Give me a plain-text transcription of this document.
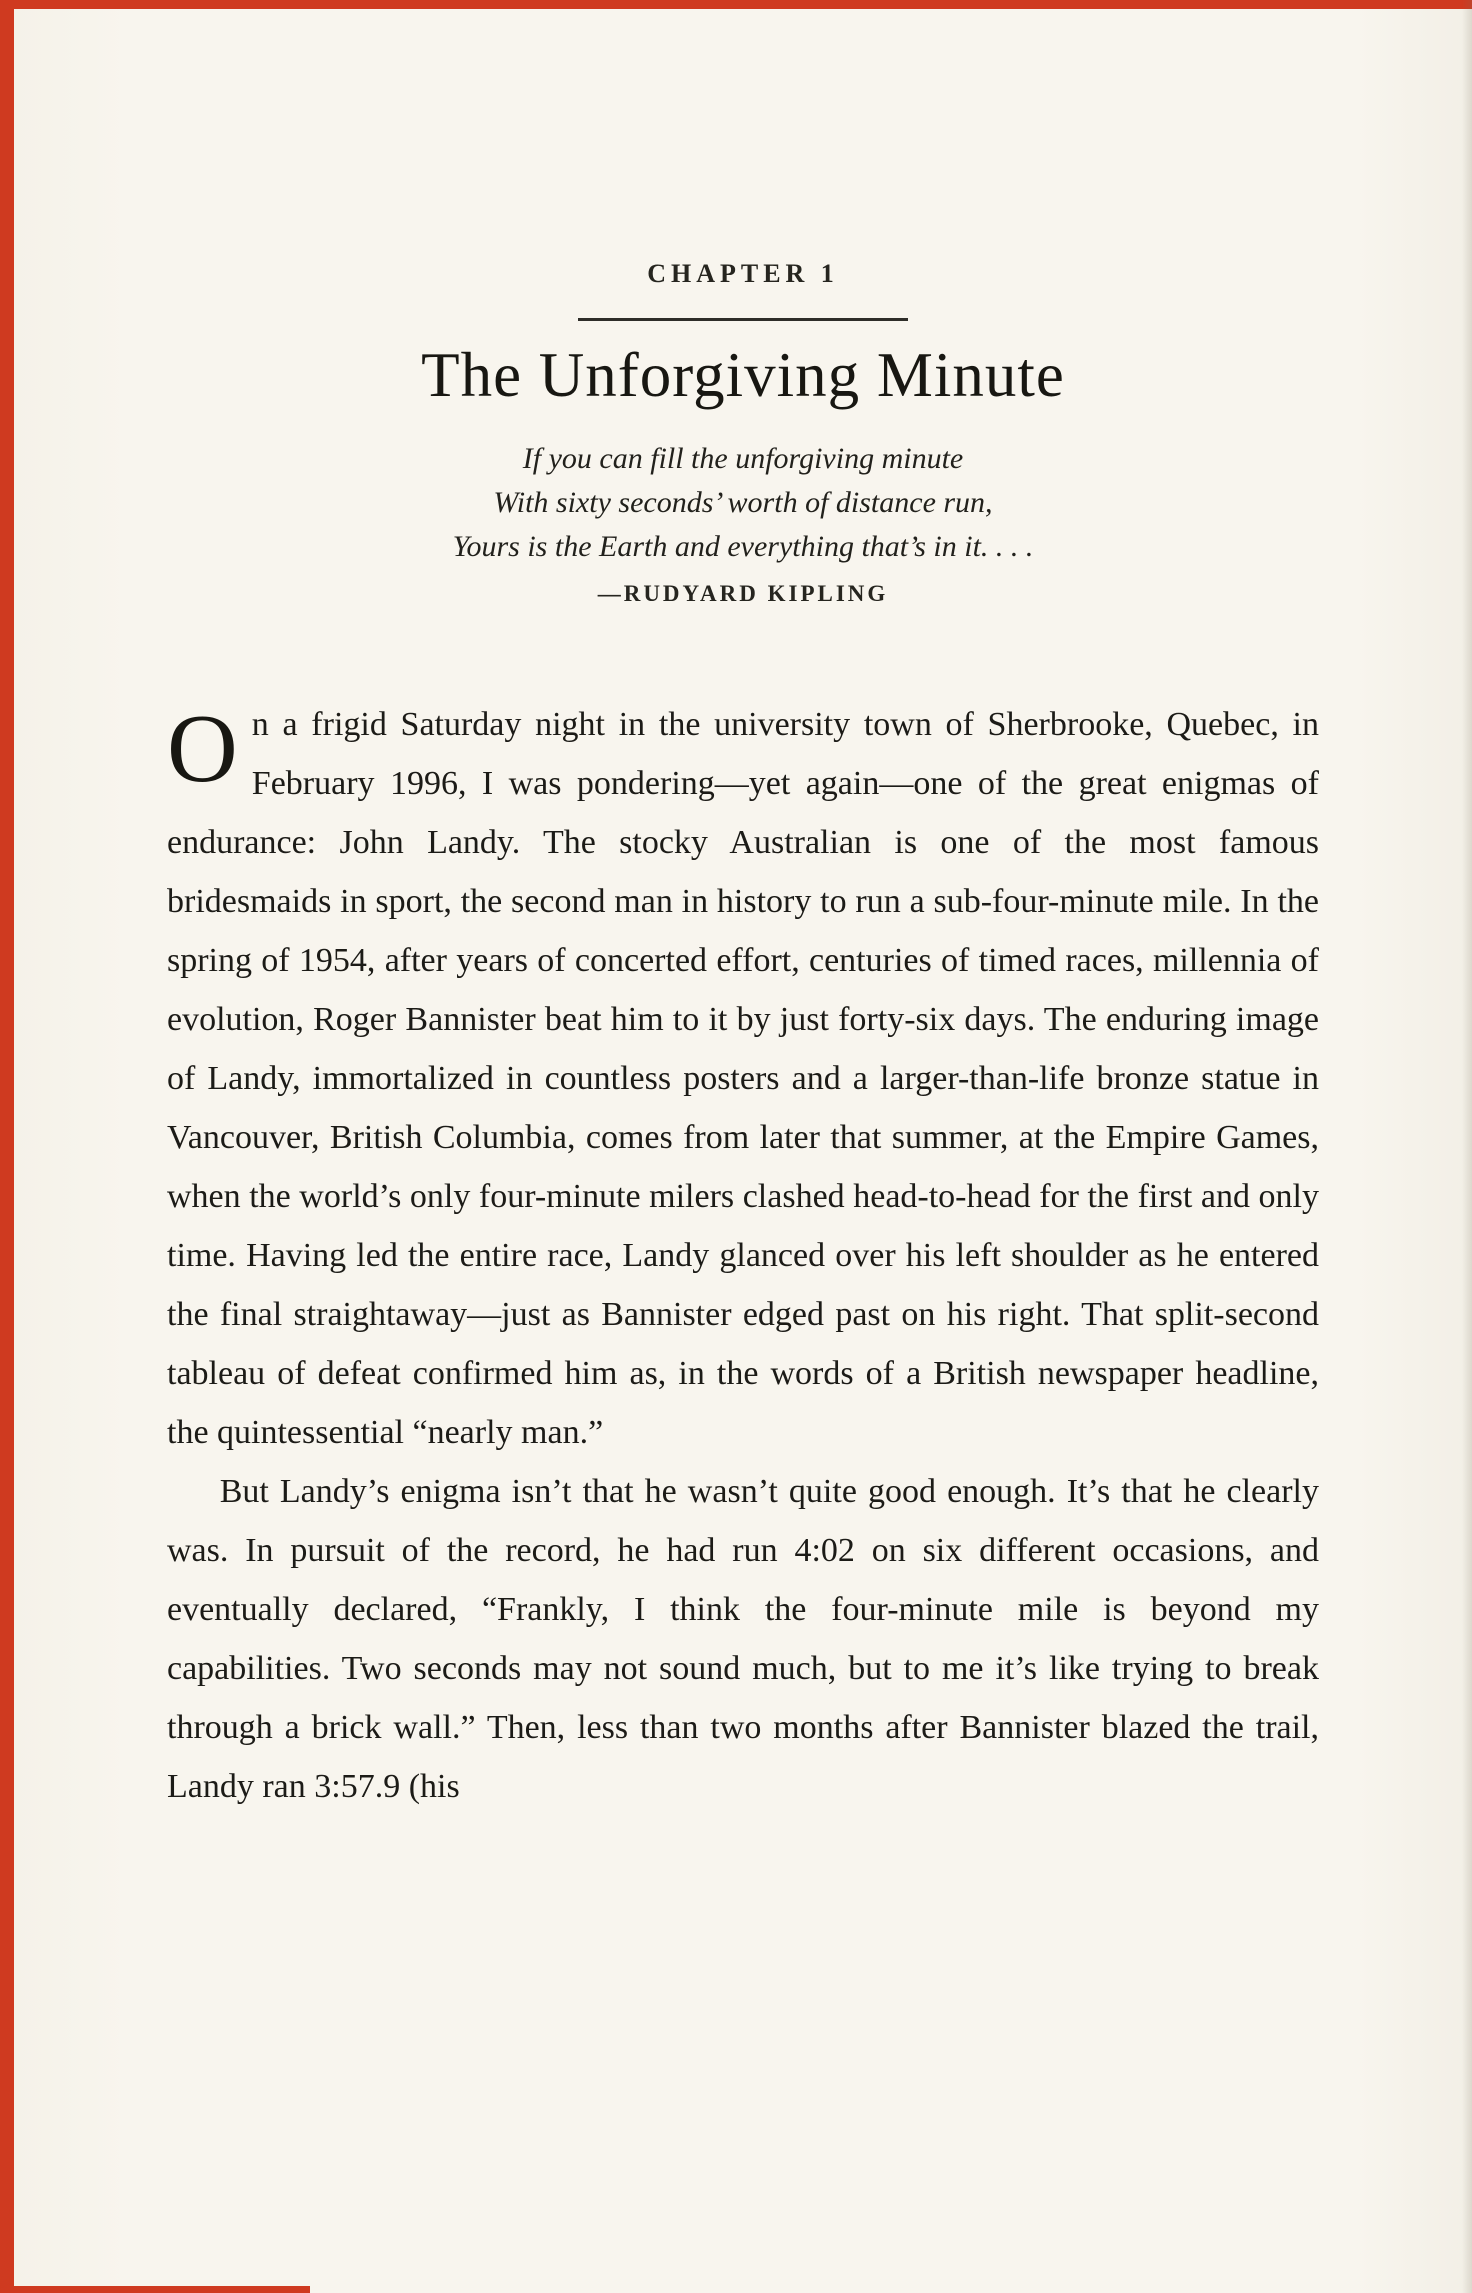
CHAPTER 1
The Unforgiving Minute
If you can fill the unforgiving minute
With sixty seconds’ worth of distance run,
Yours is the Earth and everything that’s in it. . . .
—RUDYARD KIPLING

On a frigid Saturday night in the university town of Sherbrooke, Quebec, in February 1996, I was pondering—yet again—one of the great enigmas of endurance: John Landy. The stocky Australian is one of the most famous bridesmaids in sport, the second man in history to run a sub-four-minute mile. In the spring of 1954, after years of concerted effort, centuries of timed races, millennia of evolution, Roger Bannister beat him to it by just forty-six days. The enduring image of Landy, immortalized in countless posters and a larger-than-life bronze statue in Vancouver, British Columbia, comes from later that summer, at the Empire Games, when the world’s only four-minute milers clashed head-to-head for the first and only time. Having led the entire race, Landy glanced over his left shoulder as he entered the final straightaway—just as Bannister edged past on his right. That split-second tableau of defeat confirmed him as, in the words of a British newspaper headline, the quintessential “nearly man.”

But Landy’s enigma isn’t that he wasn’t quite good enough. It’s that he clearly was. In pursuit of the record, he had run 4:02 on six different occasions, and eventually declared, “Frankly, I think the four-minute mile is beyond my capabilities. Two seconds may not sound much, but to me it’s like trying to break through a brick wall.” Then, less than two months after Bannister blazed the trail, Landy ran 3:57.9 (his
